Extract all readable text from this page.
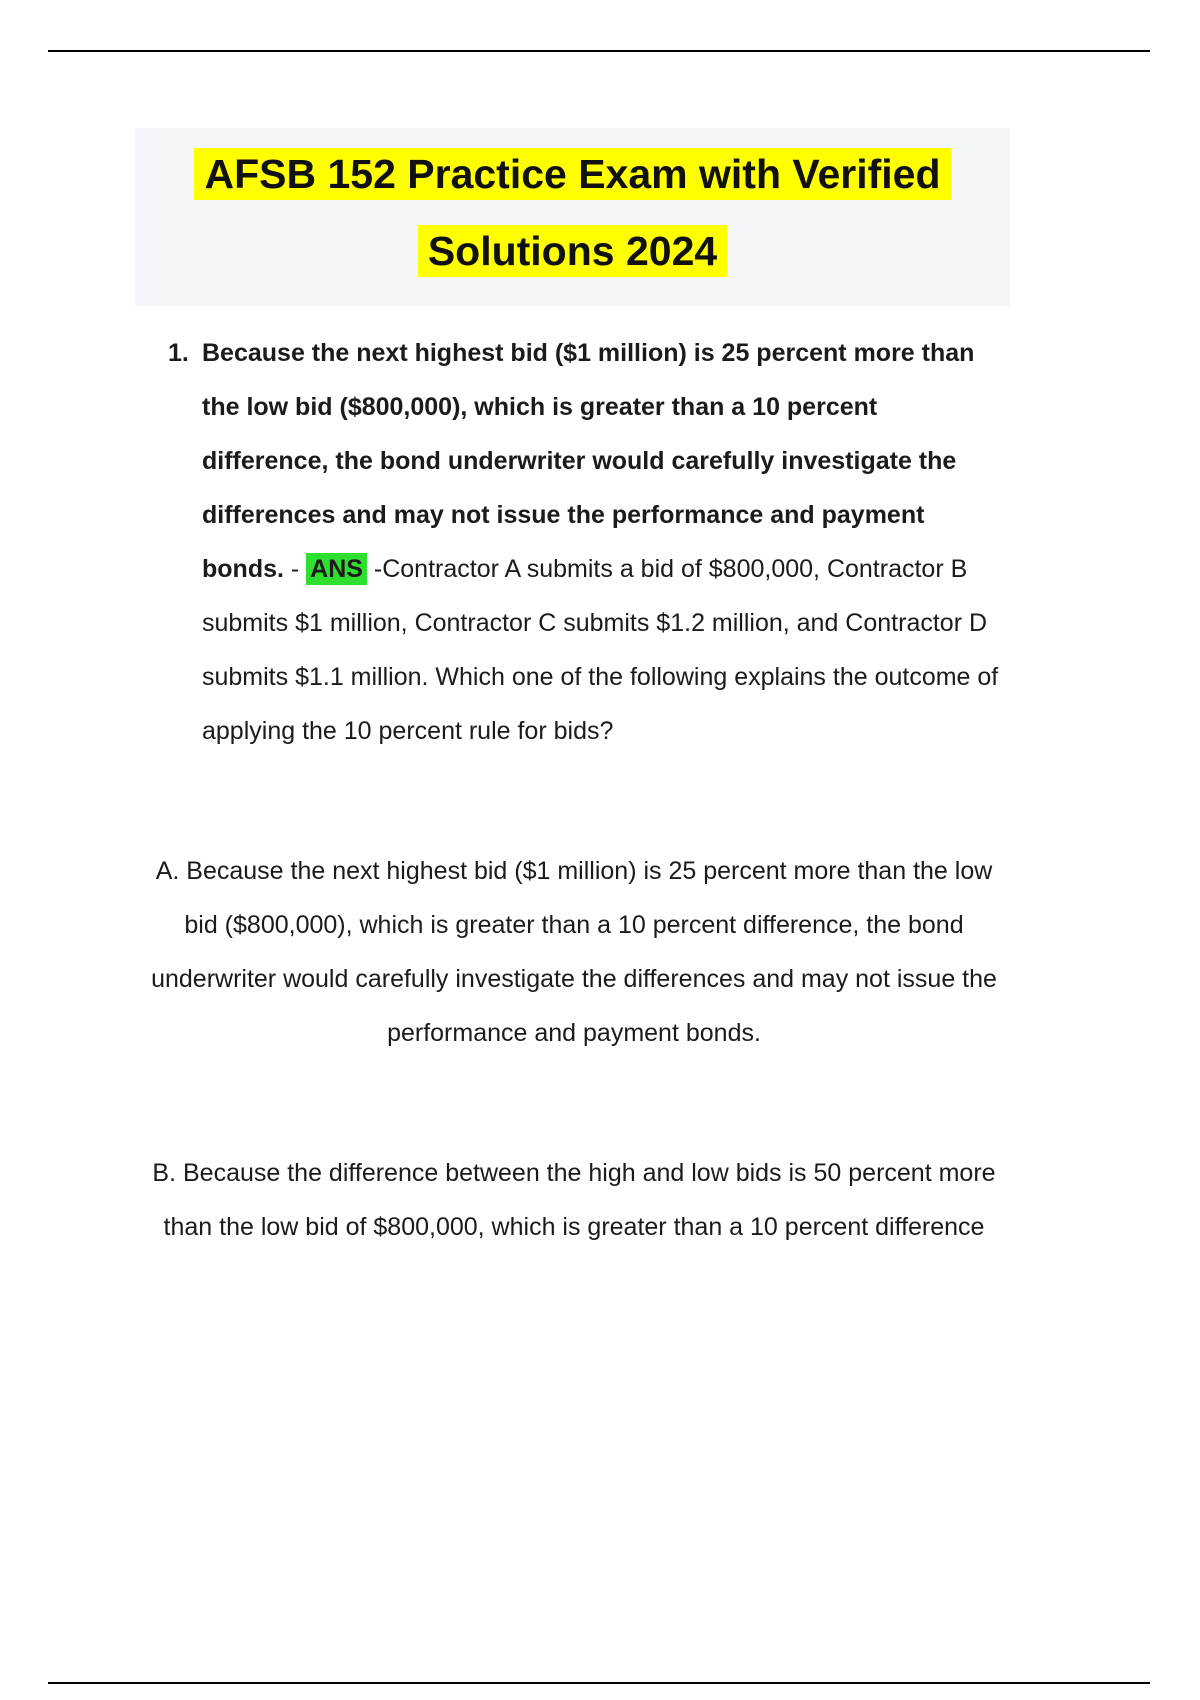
AFSB 152 Practice Exam with Verified
Solutions 2024
1. Because the next highest bid ($1 million) is 25 percent more than the low bid ($800,000), which is greater than a 10 percent difference, the bond underwriter would carefully investigate the differences and may not issue the performance and payment bonds. - ANS -Contractor A submits a bid of $800,000, Contractor B submits $1 million, Contractor C submits $1.2 million, and Contractor D submits $1.1 million. Which one of the following explains the outcome of applying the 10 percent rule for bids?

A. Because the next highest bid ($1 million) is 25 percent more than the low bid ($800,000), which is greater than a 10 percent difference, the bond underwriter would carefully investigate the differences and may not issue the performance and payment bonds.

B. Because the difference between the high and low bids is 50 percent more than the low bid of $800,000, which is greater than a 10 percent difference
